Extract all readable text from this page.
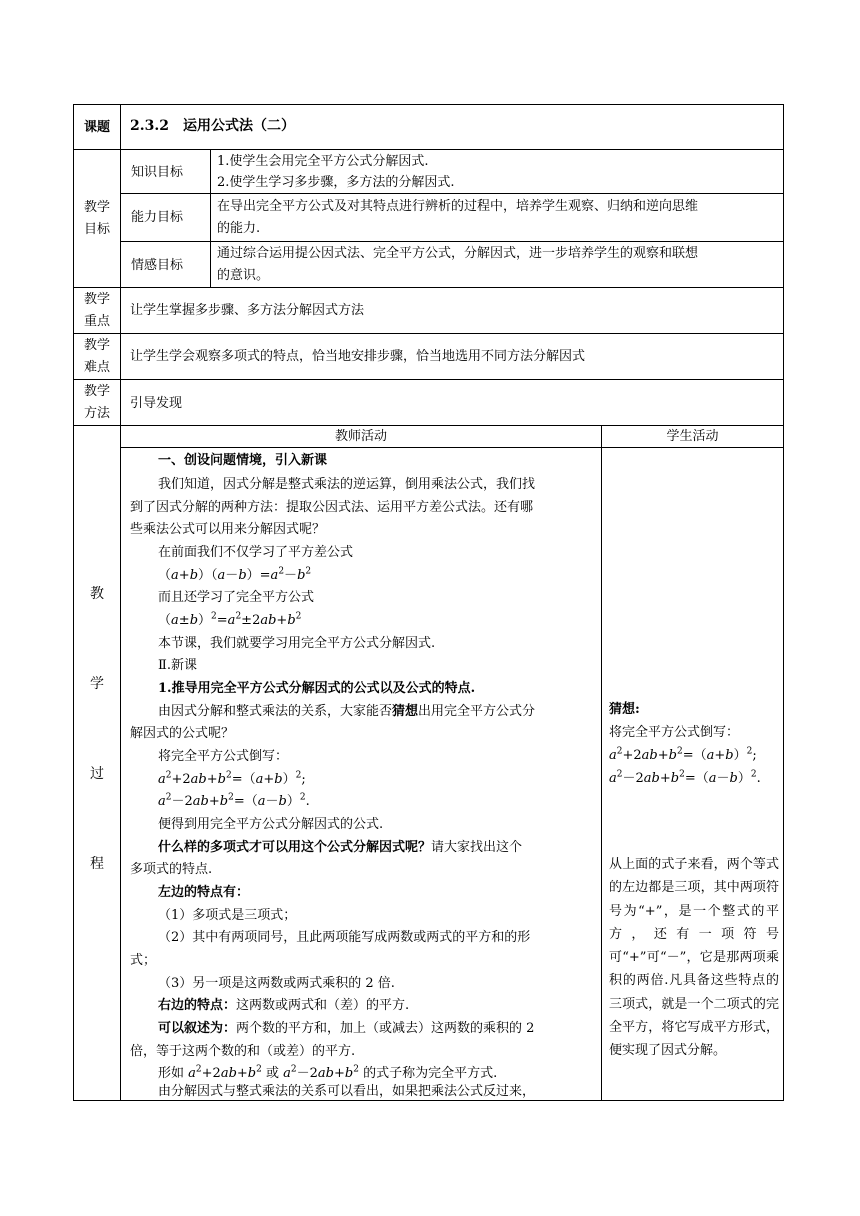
课题	2.3.2　运用公式法（二）
教学
目标
知识目标
1.使学生会用完全平方公式分解因式.
2.使学生学习多步骤，多方法的分解因式.
能力目标
在导出完全平方公式及对其特点进行辨析的过程中，培养学生观察、归纳和逆向思维
的能力.
情感目标
通过综合运用提公因式法、完全平方公式，分解因式，进一步培养学生的观察和联想
的意识。
教学
重点
让学生掌握多步骤、多方法分解因式方法
教学
难点
让学生学会观察多项式的特点，恰当地安排步骤，恰当地选用不同方法分解因式
教学
方法
引导发现
教
学
过
程
教师活动	学生活动
一、创设问题情境，引入新课
我们知道，因式分解是整式乘法的逆运算，倒用乘法公式，我们找
到了因式分解的两种方法：提取公因式法、运用平方差公式法。还有哪
些乘法公式可以用来分解因式呢？
在前面我们不仅学习了平方差公式
$(a+b)(a-b)=a^2-b^2$
而且还学习了完全平方公式
$(a\pm b)^2=a^2\pm 2ab+b^2$
本节课，我们就要学习用完全平方公式分解因式.
Ⅱ.新课
1.推导用完全平方公式分解因式的公式以及公式的特点.
由因式分解和整式乘法的关系，大家能否猜想出用完全平方公式分
解因式的公式呢？
将完全平方公式倒写：
$a^2+2ab+b^2=(a+b)^2$;
$a^2-2ab+b^2=(a-b)^2$.
便得到用完全平方公式分解因式的公式.
什么样的多项式才可以用这个公式分解因式呢？请大家找出这个
多项式的特点.
左边的特点有：
（1）多项式是三项式；
（2）其中有两项同号，且此两项能写成两数或两式的平方和的形
式；
（3）另一项是这两数或两式乘积的 2 倍.
右边的特点：这两数或两式和（差）的平方.
可以叙述为：两个数的平方和，加上（或减去）这两数的乘积的 2
倍，等于这两个数的和（或差）的平方.
形如 $a^2+2ab+b^2$ 或 $a^2-2ab+b^2$ 的式子称为完全平方式.
由分解因式与整式乘法的关系可以看出，如果把乘法公式反过来，
猜想:
将完全平方公式倒写：
$a^2+2ab+b^2=(a+b)^2$;
$a^2-2ab+b^2=(a-b)^2$.
从上面的式子来看，两个等式的左边都是三项，其中两项符号为“+”，是一个整式的平方，还有一项符号可“+”可“－”，它是那两项乘积的两倍.凡具备这些特点的三项式，就是一个二项式的完全平方，将它写成平方形式，便实现了因式分解。
